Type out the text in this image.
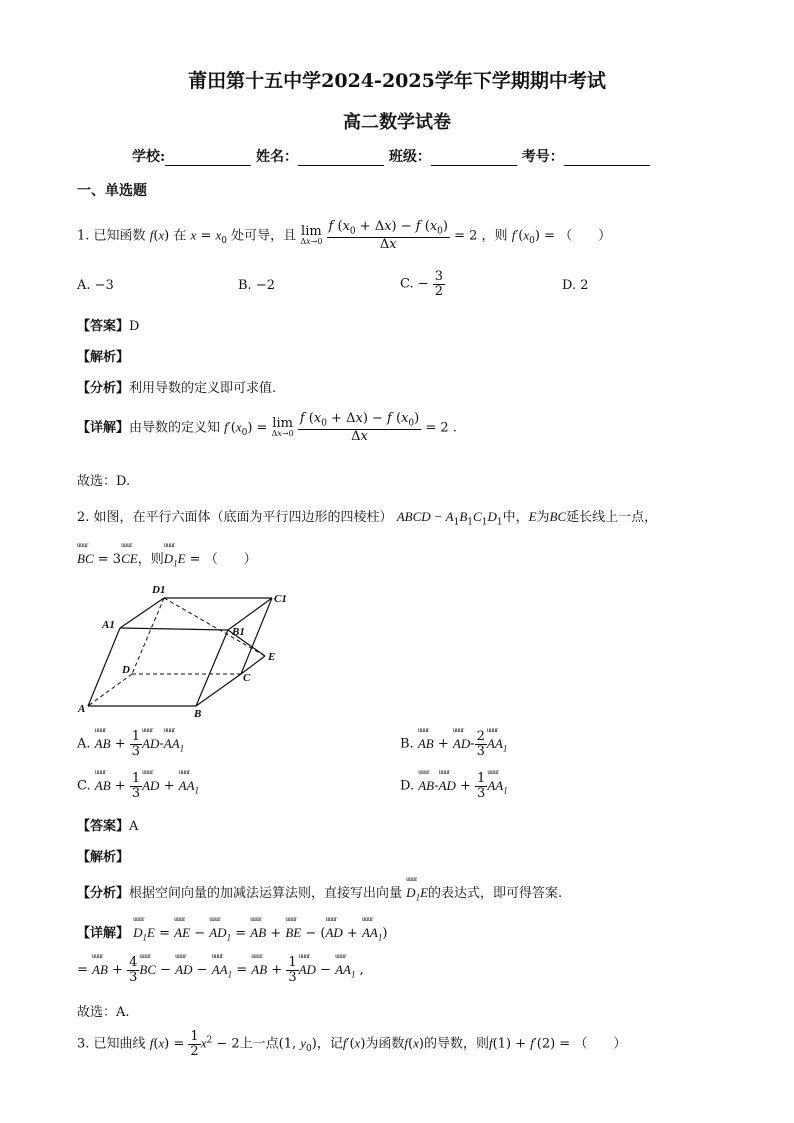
莆田第十五中学2024-2025学年下学期期中考试
高二数学试卷
学校:	姓名：	班级：	考号：
一、单选题
1. 已知函数 f(x) 在 $x = x_0$ 处可导，且 lim
Δx→0
$\frac{f (x_0 + \Delta x) - f (x_0)}{\Delta x} = 2$ ，则 $f'(x_0)$ = （　　）
A. −3	B. −2	C. − $\frac{3}{2}$	D. 2
【答案】D
【解析】
【分析】利用导数的定义即可求值.
【详解】由导数的定义知 $f'(x_0) = \lim$
Δx→0
$\frac{f (x_0 + \Delta x) - f (x_0)}{\Delta x} = 2$ .
故选：D.
2. 如图，在平行六面体（底面为平行四边形的四棱柱） ABCD − $A_1B_1C_1D_1$中，E为BC延长线上一点，
uuur BC = 3uuur CE，则uuur $D_1E$ = （　　）
D1
C1
A1
B1
D
E
C
A	B
A. uuur AB + $\frac{1}{3}$ uuur AD-uuur $AA_1$	B. uuur AB + uuur $AD- \frac{2}{3}$ uuur $AA_1$
C. uuur AB + $\frac{1}{3}$ uuur AD + uuur $AA_1$	D. uuur AB-uuur AD + $\frac{1}{3}$ uuur $AA_1$
【答案】A
【解析】
【分析】根据空间向量的加减法运算法则，直接写出向量 uuur $D_1E$的表达式，即可得答案.
【详解】 uuur $D_1E$ = uuur AE − uuur $AD_1$ = uuur AB + uuur BE − (uuur AD + uuur $AA_1$)
= uuur AB + $\frac{4}{3}$ uuur BC − uuur AD − uuur $AA_1$ = uuur AB + $\frac{1}{3}$ uuur AD − uuur $AA_1$ ,
故选：A.
3. 已知曲线 $f(x) = \frac{1}{2} x^2 - 2$上一点(1, $y_0$)，记f′(x)为函数f(x)的导数，则f(1) + f′(2) = （　　）
